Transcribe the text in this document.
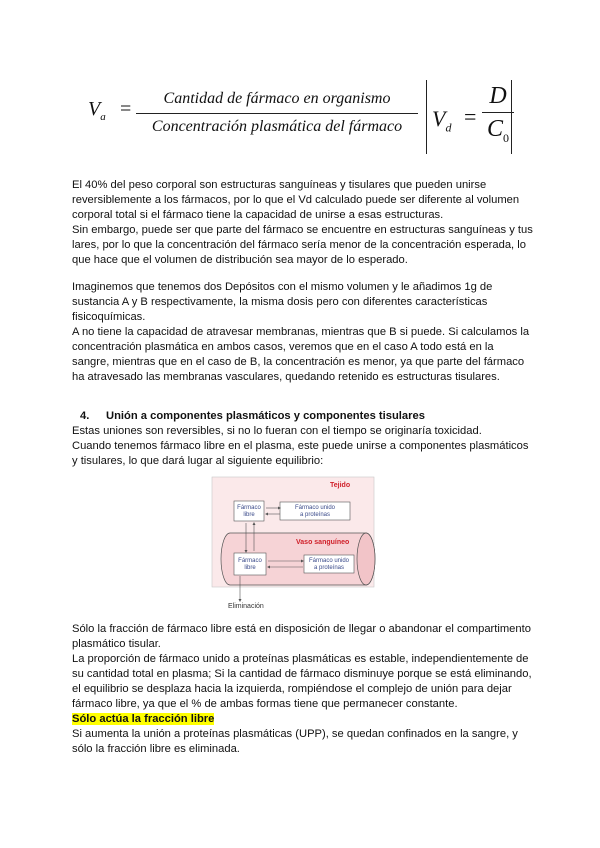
$V_a$ =	Cantidad de fármaco en organismo
Concentración plasmática del fármaco	$V_d$ =
D
$C_0$

El 40% del peso corporal son estructuras sanguíneas y tisulares que pueden unirse reversiblemente a los fármacos, por lo que el Vd calculado puede ser diferente al volumen corporal total si el fármaco tiene la capacidad de unirse a esas estructuras.
Sin embargo, puede ser que parte del fármaco se encuentre en estructuras sanguíneas y tus lares, por lo que la concentración del fármaco sería menor de la concentración esperada, lo que hace que el volumen de distribución sea mayor de lo esperado.

Imaginemos que tenemos dos Depósitos con el mismo volumen y le añadimos 1g de sustancia A y B respectivamente, la misma dosis pero con diferentes características fisicoquímicas.
A no tiene la capacidad de atravesar membranas, mientras que B si puede. Si calculamos la concentración plasmática en ambos casos, veremos que en el caso A todo está en la sangre, mientras que en el caso de B, la concentración es menor, ya que parte del fármaco ha atravesado las membranas vasculares, quedando retenido es estructuras tisulares.

4. Unión a componentes plasmáticos y componentes tisulares

Estas uniones son reversibles, si no lo fueran con el tiempo se originaría toxicidad.
Cuando tenemos fármaco libre en el plasma, este puede unirse a componentes plasmáticos y tisulares, lo que dará lugar al siguiente equilibrio:

Tejido
Fármaco
libre
Fármaco unido
a proteínas
Vaso sanguíneo
Fármaco
libre
Fármaco unido
a proteínas
Eliminación
Sólo la fracción de fármaco libre está en disposición de llegar o abandonar el compartimento plasmático tisular.
La proporción de fármaco unido a proteínas plasmáticas es estable, independientemente de su cantidad total en plasma; Si la cantidad de fármaco disminuye porque se está eliminando, el equilibrio se desplaza hacia la izquierda, rompiéndose el complejo de unión para dejar fármaco libre, ya que el % de ambas formas tiene que permanecer constante.
Sólo actúa la fracción libre
Si aumenta la unión a proteínas plasmáticas (UPP), se quedan confinados en la sangre, y sólo la fracción libre es eliminada.
